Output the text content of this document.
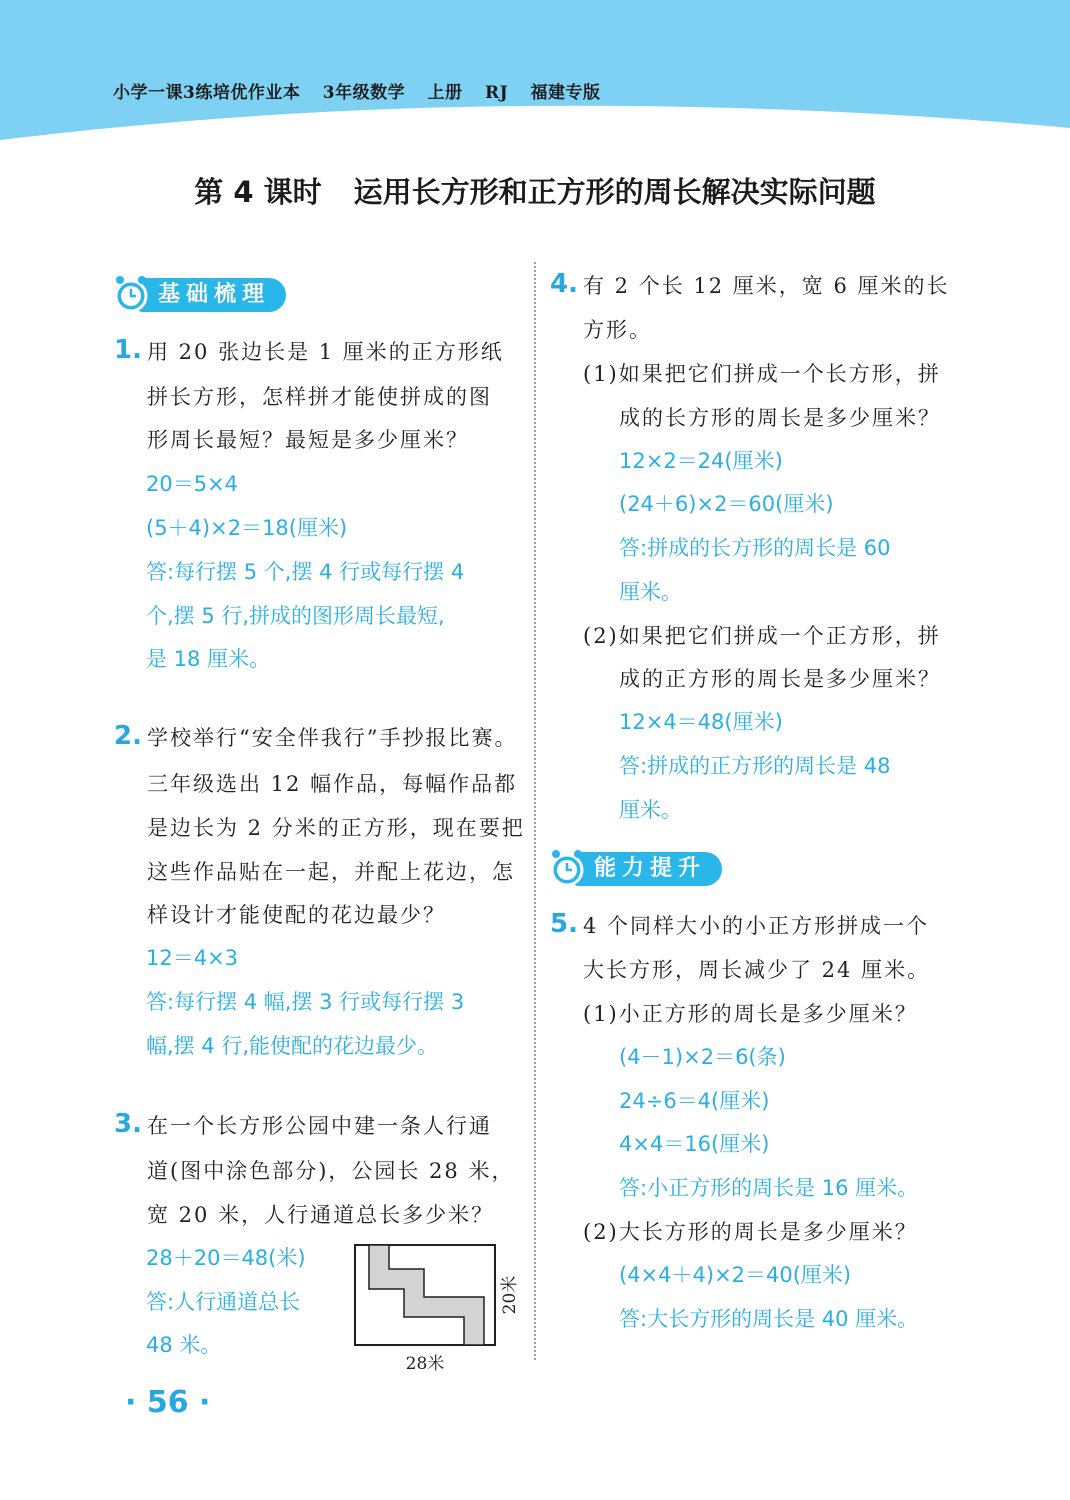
小学一课3练培优作业本 3年级数学 上册 RJ 福建专版
第 4 课时 运用长方形和正方形的周长解决实际问题
基础梳理
1. 用 20 张边长是 1 厘米的正方形纸
拼长方形，怎样拼才能使拼成的图
形周长最短？最短是多少厘米？
20＝5×4
(5＋4)×2＝18(厘米)
答:每行摆 5 个,摆 4 行或每行摆 4
个,摆 5 行,拼成的图形周长最短,
是 18 厘米。
2. 学校举行“安全伴我行”手抄报比赛。
三年级选出 12 幅作品，每幅作品都
是边长为 2 分米的正方形，现在要把
这些作品贴在一起，并配上花边，怎
样设计才能使配的花边最少？
12＝4×3
答:每行摆 4 幅,摆 3 行或每行摆 3
幅,摆 4 行,能使配的花边最少。
3. 在一个长方形公园中建一条人行通
道(图中涂色部分)，公园长 28 米，
宽 20 米，人行通道总长多少米？
28＋20＝48(米)
答:人行通道总长
48 米。
28米
20米
4. 有 2 个长 12 厘米，宽 6 厘米的长
方形。
(1)如果把它们拼成一个长方形，拼
成的长方形的周长是多少厘米？
12×2＝24(厘米)
(24＋6)×2＝60(厘米)
答:拼成的长方形的周长是 60
厘米。
(2)如果把它们拼成一个正方形，拼
成的正方形的周长是多少厘米？
12×4＝48(厘米)
答:拼成的正方形的周长是 48
厘米。
能力提升
5. 4 个同样大小的小正方形拼成一个
大长方形，周长减少了 24 厘米。
(1)小正方形的周长是多少厘米？
(4－1)×2＝6(条)
24÷6＝4(厘米)
4×4＝16(厘米)
答:小正方形的周长是 16 厘米。
(2)大长方形的周长是多少厘米？
(4×4＋4)×2＝40(厘米)
答:大长方形的周长是 40 厘米。
· 56 ·
